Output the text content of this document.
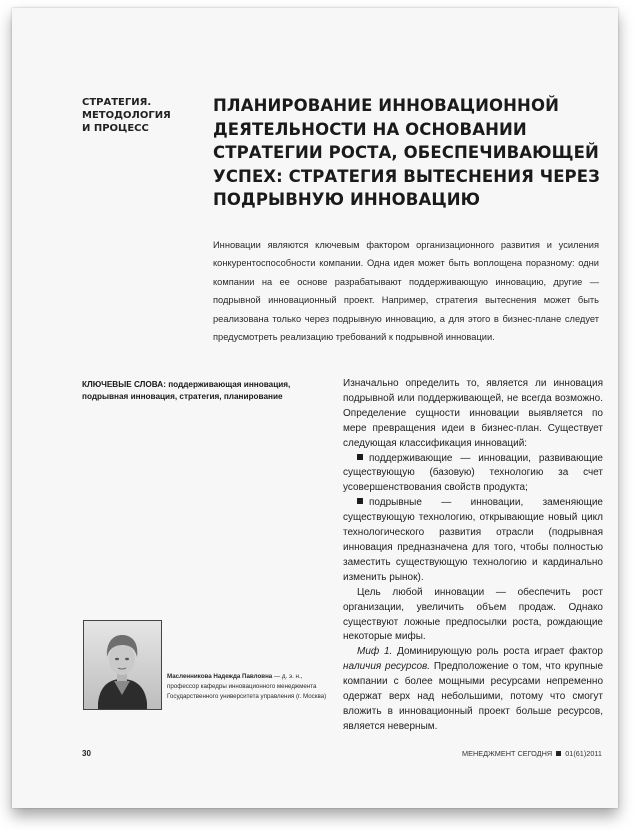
СТРАТЕГИЯ.
МЕТОДОЛОГИЯ
И ПРОЦЕСС
ПЛАНИРОВАНИЕ ИННОВАЦИОННОЙ
ДЕЯТЕЛЬНОСТИ НА ОСНОВАНИИ
СТРАТЕГИИ РОСТА, ОБЕСПЕЧИВАЮЩЕЙ
УСПЕХ: СТРАТЕГИЯ ВЫТЕСНЕНИЯ ЧЕРЕЗ
ПОДРЫВНУЮ ИННОВАЦИЮ
Инновации являются ключевым фактором организационного развития и усиления конкурентоспособности компании. Одна идея может быть воплощена поразному: одни компании на ее основе разрабатывают поддерживающую инновацию, другие — подрывной инновационный проект. Например, стратегия вытеснения может быть реализована только через подрывную инновацию, а для этого в бизнес-плане следует предусмотреть реализацию требований к подрывной инновации.
КЛЮЧЕВЫЕ СЛОВА: поддерживающая инновация, подрывная инновация, стратегия, планирование

Изначально определить то, является ли инновация подрывной или поддерживающей, не всегда возможно. Определение сущности инновации выявляется по мере превращения идеи в бизнес-план. Существует следующая классификация инноваций:

поддерживающие — инновации, развивающие существующую (базовую) технологию за счет усовершенствования свойств продукта;

подрывные — инновации, заменяющие существующую технологию, открывающие новый цикл технологического развития отрасли (подрывная инновация предназначена для того, чтобы полностью заместить существующую технологию и кардинально изменить рынок).

Цель любой инновации — обеспечить рост организации, увеличить объем продаж. Однако существуют ложные предпосылки роста, рождающие некоторые мифы.

Миф 1. Доминирующую роль роста играет фактор наличия ресурсов. Предположение о том, что крупные компании с более мощными ресурсами непременно одержат верх над небольшими, потому что смогут вложить в инновационный проект больше ресурсов, является неверным.

Масленникова Надежда Павловна — д. э. н., профессор кафедры инновационного менеджмента Государственного университета управления (г. Москва)
30	МЕНЕДЖМЕНТ СЕГОДНЯ 01(61)2011
